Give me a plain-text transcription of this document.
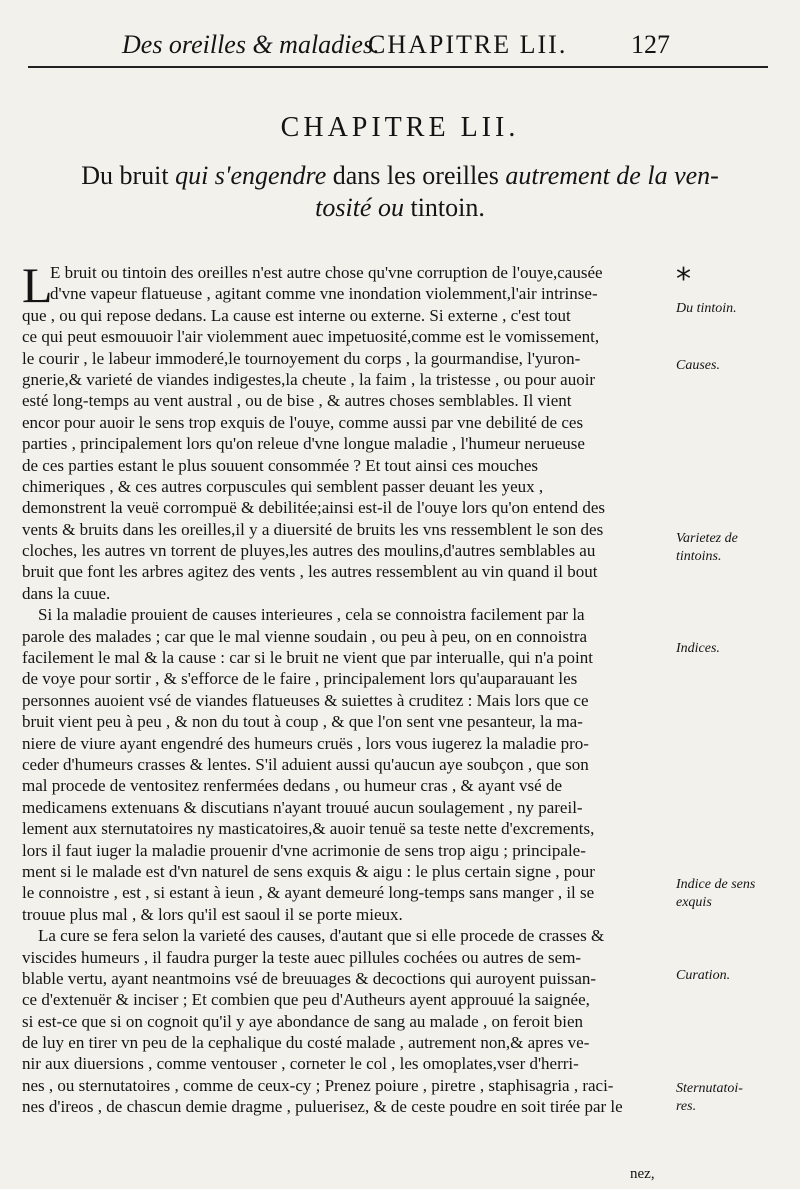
Des oreilles & maladies.
CHAPITRE LII. 127
CHAPITRE LII.
Du bruit qui s'engendre dans les oreilles autrement de la ven-
tosité ou tintoin.
L
E bruit ou tintoin des oreilles n'est autre chose qu'vne corruption de l'ouye,causée
d'vne vapeur flatueuse , agitant comme vne inondation violemment,l'air intrinse-
que , ou qui repose dedans. La cause est interne ou externe. Si externe , c'est tout
ce qui peut esmouuoir l'air violemment auec impetuosité,comme est le vomissement,
le courir , le labeur immoderé,le tournoyement du corps , la gourmandise, l'yuron-
gnerie,& varieté de viandes indigestes,la cheute , la faim , la tristesse , ou pour auoir
esté long-temps au vent austral , ou de bise , & autres choses semblables. Il vient
encor pour auoir le sens trop exquis de l'ouye, comme aussi par vne debilité de ces
parties , principalement lors qu'on releue d'vne longue maladie , l'humeur nerueuse
de ces parties estant le plus souuent consommée ? Et tout ainsi ces mouches
chimeriques , & ces autres corpuscules qui semblent passer deuant les yeux ,
demonstrent la veuë corrompuë & debilitée;ainsi est-il de l'ouye lors qu'on entend des
vents & bruits dans les oreilles,il y a diuersité de bruits les vns ressemblent le son des
cloches, les autres vn torrent de pluyes,les autres des moulins,d'autres semblables au
bruit que font les arbres agitez des vents , les autres ressemblent au vin quand il bout
dans la cuue.
Si la maladie prouient de causes interieures , cela se connoistra facilement par la
parole des malades ; car que le mal vienne soudain , ou peu à peu, on en connoistra
facilement le mal & la cause : car si le bruit ne vient que par interualle, qui n'a point
de voye pour sortir , & s'efforce de le faire , principalement lors qu'auparauant les
personnes auoient vsé de viandes flatueuses & suiettes à cruditez : Mais lors que ce
bruit vient peu à peu , & non du tout à coup , & que l'on sent vne pesanteur, la ma-
niere de viure ayant engendré des humeurs cruës , lors vous iugerez la maladie pro-
ceder d'humeurs crasses & lentes. S'il aduient aussi qu'aucun aye soubçon , que son
mal procede de ventositez renfermées dedans , ou humeur cras , & ayant vsé de
medicamens extenuans & discutians n'ayant trouué aucun soulagement , ny pareil-
lement aux sternutatoires ny masticatoires,& auoir tenuë sa teste nette d'excrements,
lors il faut iuger la maladie prouenir d'vne acrimonie de sens trop aigu ; principale-
ment si le malade est d'vn naturel de sens exquis & aigu : le plus certain signe , pour
le connoistre , est , si estant à ieun , & ayant demeuré long-temps sans manger , il se
trouue plus mal , & lors qu'il est saoul il se porte mieux.
La cure se fera selon la varieté des causes, d'autant que si elle procede de crasses &
viscides humeurs , il faudra purger la teste auec pillules cochées ou autres de sem-
blable vertu, ayant neantmoins vsé de breuuages & decoctions qui auroyent puissan-
ce d'extenuër & inciser ; Et combien que peu d'Autheurs ayent approuué la saignée,
si est-ce que si on cognoit qu'il y aye abondance de sang au malade , on feroit bien
de luy en tirer vn peu de la cephalique du costé malade , autrement non,& apres ve-
nir aux diuersions , comme ventouser , corneter le col , les omoplates,vser d'herri-
nes , ou sternutatoires , comme de ceux-cy ; Prenez poiure , piretre , staphisagria , raci-
nes d'ireos , de chascun demie dragme , puluerisez, & de ceste poudre en soit tirée par le
*
Du tintoin.
Causes.
Varietez de tintoins.
Indices.
Indice de sens exquis
Curation.
Sternutatoi-res.
nez,
